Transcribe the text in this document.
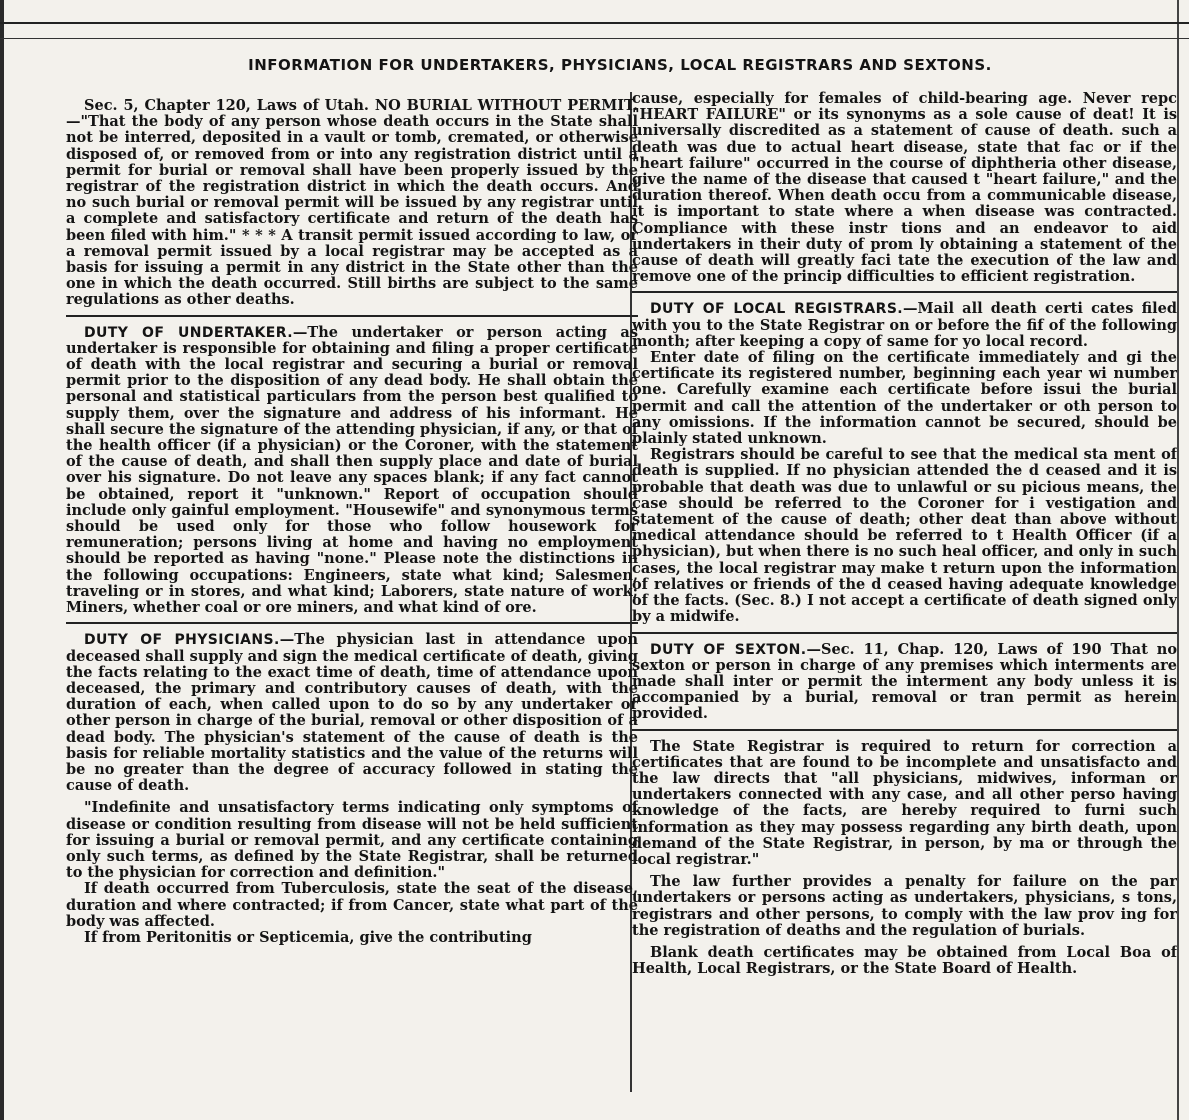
INFORMATION FOR UNDERTAKERS, PHYSICIANS, LOCAL REGISTRARS AND SEXTONS.

Sec. 5, Chapter 120, Laws of Utah. NO BURIAL WITHOUT PERMIT.—"That the body of any person whose death occurs in the State shall not be interred, deposited in a vault or tomb, cremated, or otherwise disposed of, or removed from or into any registration district until a permit for burial or removal shall have been properly issued by the registrar of the registration district in which the death occurs. And no such burial or removal permit will be issued by any registrar until a complete and satisfactory certificate and return of the death has been filed with him." * * * A transit permit issued according to law, or a removal permit issued by a local registrar may be accepted as a basis for issuing a permit in any district in the State other than the one in which the death occurred. Still births are subject to the same regulations as other deaths.

DUTY OF UNDERTAKER.—The undertaker or person acting as undertaker is responsible for obtaining and filing a proper certificate of death with the local registrar and securing a burial or removal permit prior to the disposition of any dead body. He shall obtain the personal and statistical particulars from the person best qualified to supply them, over the signature and address of his informant. He shall secure the signature of the attending physician, if any, or that of the health officer (if a physician) or the Coroner, with the statement of the cause of death, and shall then supply place and date of burial over his signature. Do not leave any spaces blank; if any fact cannot be obtained, report it "unknown." Report of occupation should include only gainful employment. "Housewife" and synonymous terms should be used only for those who follow housework for remuneration; persons living at home and having no employment should be reported as having "none." Please note the distinctions in the following occupations: Engineers, state what kind; Salesmen, traveling or in stores, and what kind; Laborers, state nature of work; Miners, whether coal or ore miners, and what kind of ore.

DUTY OF PHYSICIANS.—The physician last in attendance upon deceased shall supply and sign the medical certificate of death, giving the facts relating to the exact time of death, time of attendance upon deceased, the primary and contributory causes of death, with the duration of each, when called upon to do so by any undertaker or other person in charge of the burial, removal or other disposition of a dead body. The physician's statement of the cause of death is the basis for reliable mortality statistics and the value of the returns will be no greater than the degree of accuracy followed in stating the cause of death.

"Indefinite and unsatisfactory terms indicating only symptoms of disease or condition resulting from disease will not be held sufficient for issuing a burial or removal permit, and any certificate containing only such terms, as defined by the State Registrar, shall be returned to the physician for correction and definition."

If death occurred from Tuberculosis, state the seat of the disease, duration and where contracted; if from Cancer, state what part of the body was affected.

If from Peritonitis or Septicemia, give the contributing

cause, especially for females of child-bearing age. Never repc "HEART FAILURE" or its synonyms as a sole cause of deat! It is universally discredited as a statement of cause of death. such a death was due to actual heart disease, state that fac or if the "heart failure" occurred in the course of diphtheria other disease, give the name of the disease that caused t "heart failure," and the duration thereof. When death occu from a communicable disease, it is important to state where a when disease was contracted. Compliance with these instr tions and an endeavor to aid undertakers in their duty of prom ly obtaining a statement of the cause of death will greatly faci tate the execution of the law and remove one of the princip difficulties to efficient registration.

DUTY OF LOCAL REGISTRARS.—Mail all death certi cates filed with you to the State Registrar on or before the fif of the following month; after keeping a copy of same for yo local record.

Enter date of filing on the certificate immediately and gi the certificate its registered number, beginning each year wi number one. Carefully examine each certificate before issui the burial permit and call the attention of the undertaker or oth person to any omissions. If the information cannot be secured, should be plainly stated unknown.

Registrars should be careful to see that the medical sta ment of death is supplied. If no physician attended the d ceased and it is probable that death was due to unlawful or su picious means, the case should be referred to the Coroner for i vestigation and statement of the cause of death; other deat than above without medical attendance should be referred to t Health Officer (if a physician), but when there is no such heal officer, and only in such cases, the local registrar may make t return upon the information of relatives or friends of the d ceased having adequate knowledge of the facts. (Sec. 8.) I not accept a certificate of death signed only by a midwife.

DUTY OF SEXTON.—Sec. 11, Chap. 120, Laws of 190 That no sexton or person in charge of any premises which interments are made shall inter or permit the interment any body unless it is accompanied by a burial, removal or tran permit as herein provided.

The State Registrar is required to return for correction a certificates that are found to be incomplete and unsatisfacto and the law directs that "all physicians, midwives, informan or undertakers connected with any case, and all other perso having knowledge of the facts, are hereby required to furni such information as they may possess regarding any birth death, upon demand of the State Registrar, in person, by ma or through the local registrar."

The law further provides a penalty for failure on the par undertakers or persons acting as undertakers, physicians, s tons, registrars and other persons, to comply with the law prov ing for the registration of deaths and the regulation of burials.

Blank death certificates may be obtained from Local Boa of Health, Local Registrars, or the State Board of Health.
